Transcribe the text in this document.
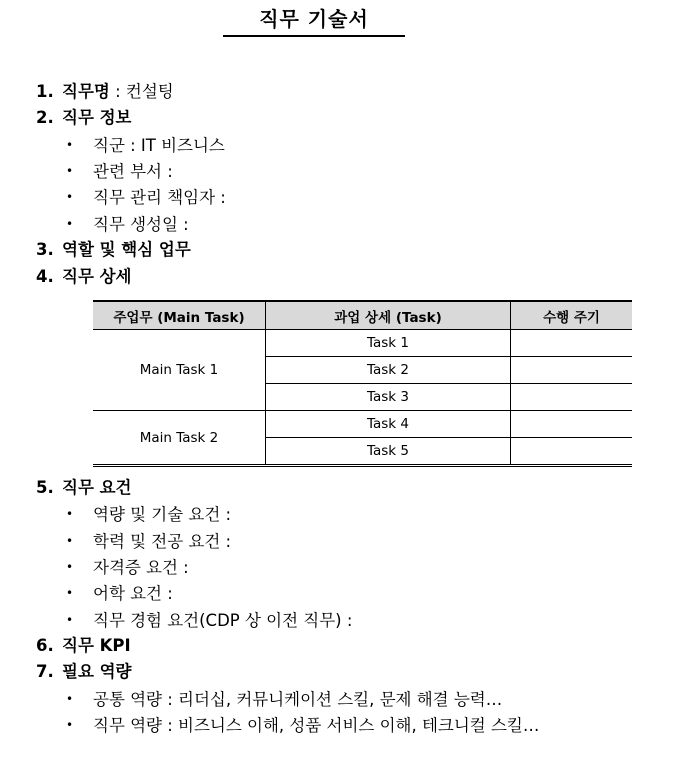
직무 기술서
1. 직무명 : 컨설팅
2. 직무 정보
• 직군 : IT 비즈니스
• 관련 부서 :
• 직무 관리 책임자 :
• 직무 생성일 :
3. 역할 및 핵심 업무
4. 직무 상세
주업무 (Main Task)	과업 상세 (Task)	수행 주기
Main Task 1	Task 1	
	Task 2	
	Task 3	
Main Task 2	Task 4	
	Task 5	
5. 직무 요건
• 역량 및 기술 요건 :
• 학력 및 전공 요건 :
• 자격증 요건 :
• 어학 요건 :
• 직무 경험 요건(CDP 상 이전 직무) :
6. 직무 KPI
7. 필요 역량
• 공통 역량 : 리더십, 커뮤니케이션 스킬, 문제 해결 능력…
• 직무 역량 : 비즈니스 이해, 성품 서비스 이해, 테크니컬 스킬…
